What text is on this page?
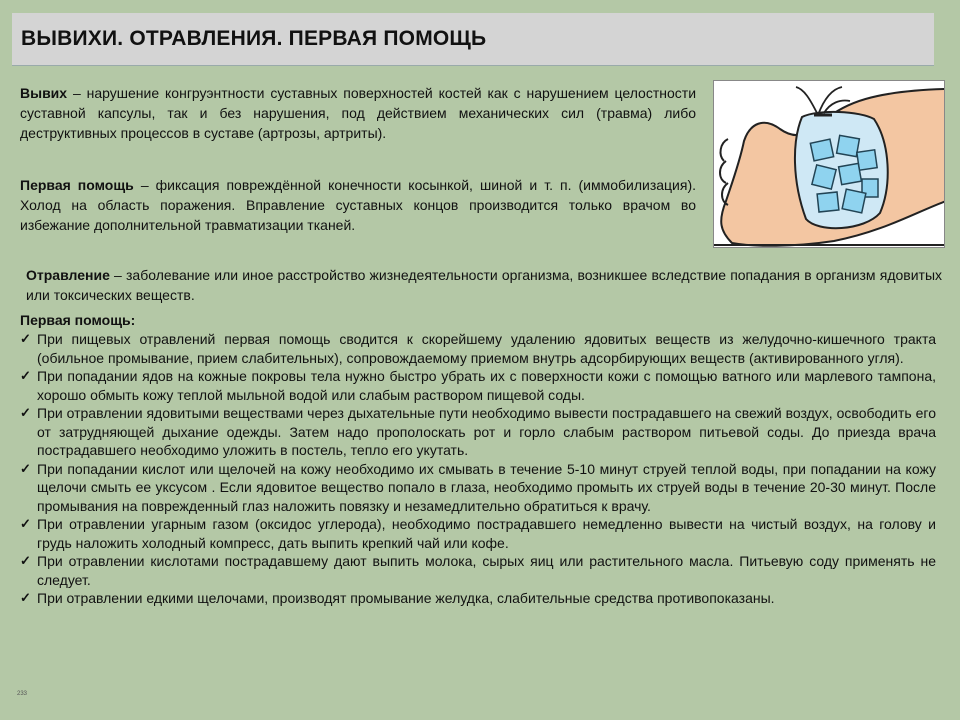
ВЫВИХИ. ОТРАВЛЕНИЯ. ПЕРВАЯ ПОМОЩЬ
Вывих – нарушение конгруэнтности суставных поверхностей костей как с нарушением целостности суставной капсулы, так и без нарушения, под действием механических сил (травма) либо деструктивных процессов в суставе (артрозы, артриты).
Первая помощь – фиксация повреждённой конечности косынкой, шиной и т. п. (иммобилизация). Холод на область поражения. Вправление суставных концов производится только врачом во избежание дополнительной травматизации тканей.
Отравление – заболевание или иное расстройство жизнедеятельности организма, возникшее вследствие попадания в организм ядовитых или токсических веществ.
Первая помощь:
✓ При пищевых отравлений первая помощь сводится к скорейшему удалению ядовитых веществ из желудочно-кишечного тракта (обильное промывание, прием слабительных), сопровождаемому приемом внутрь адсорбирующих веществ (активированного угля).
✓ При попадании ядов на кожные покровы тела нужно быстро убрать их с поверхности кожи с помощью ватного или марлевого тампона, хорошо обмыть кожу теплой мыльной водой или слабым раствором пищевой соды.
✓ При отравлении ядовитыми веществами через дыхательные пути необходимо вывести пострадавшего на свежий воздух, освободить его от затрудняющей дыхание одежды. Затем надо прополоскать рот и горло слабым раствором питьевой соды. До приезда врача пострадавшего необходимо уложить в постель, тепло его укутать.
✓ При попадании кислот или щелочей на кожу необходимо их смывать в течение 5-10 минут струей теплой воды, при попадании на кожу щелочи смыть ее уксусом . Если ядовитое вещество попало в глаза, необходимо промыть их струей воды в течение 20-30 минут. После промывания на поврежденный глаз наложить повязку и незамедлительно обратиться к врачу.
✓ При отравлении угарным газом (оксидос углерода), необходимо пострадавшего немедленно вывести на чистый воздух, на голову и грудь наложить холодный компресс, дать выпить крепкий чай или кофе.
✓ При отравлении кислотами пострадавшему дают выпить молока, сырых яиц или растительного масла. Питьевую соду применять не следует.
✓ При отравлении едкими щелочами, производят промывание желудка, слабительные средства противопоказаны.
233
